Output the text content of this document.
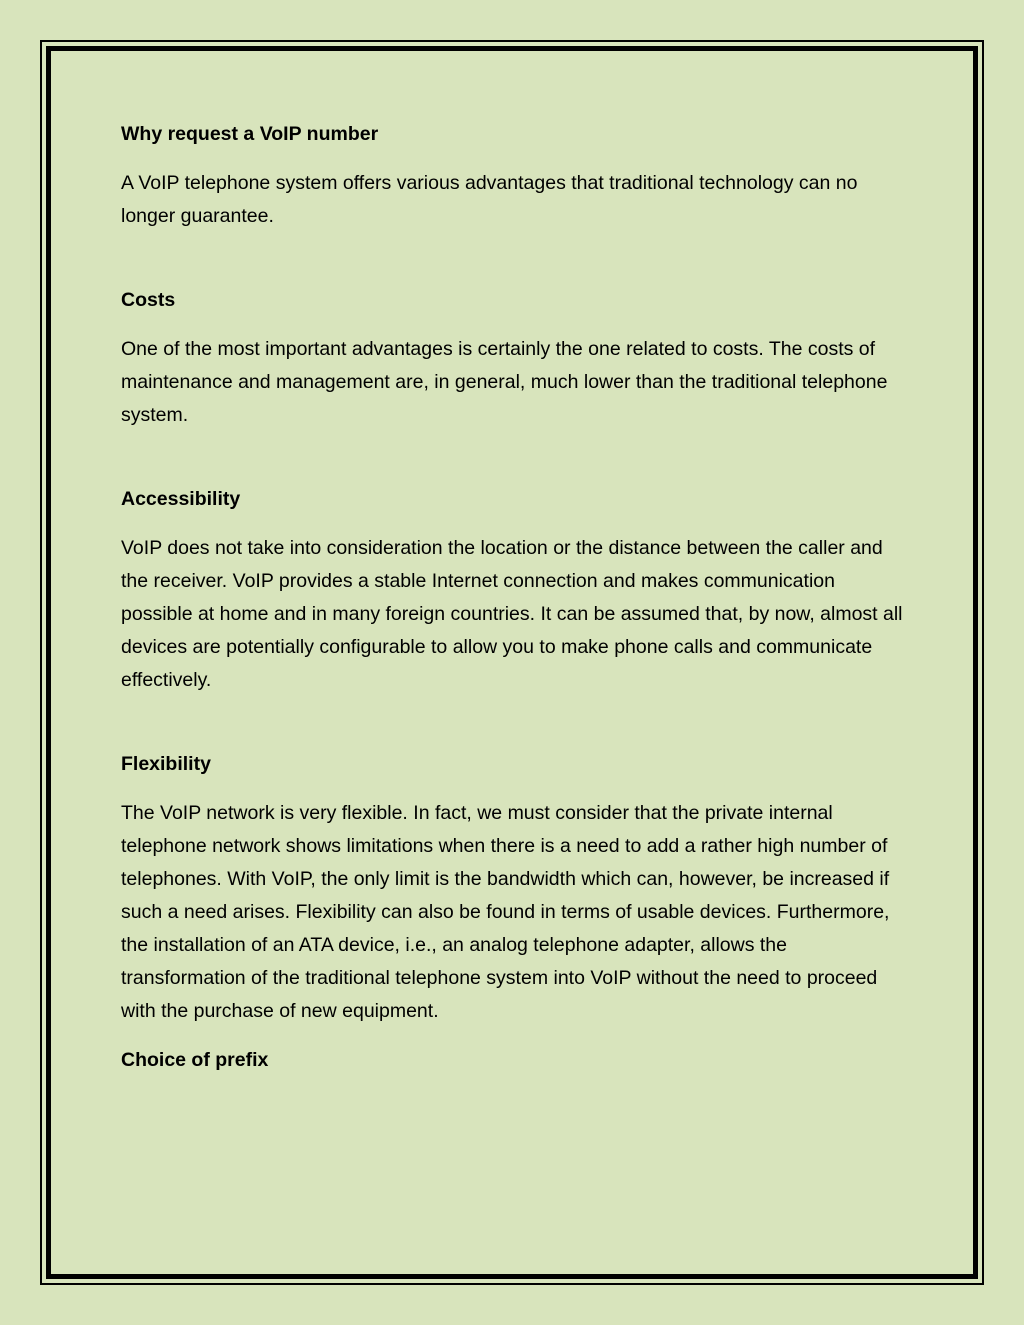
Why request a VoIP number

A VoIP telephone system offers various advantages that traditional technology can no longer guarantee.

Costs

One of the most important advantages is certainly the one related to costs. The costs of maintenance and management are, in general, much lower than the traditional telephone system.

Accessibility

VoIP does not take into consideration the location or the distance between the caller and the receiver. VoIP provides a stable Internet connection and makes communication possible at home and in many foreign countries. It can be assumed that, by now, almost all devices are potentially configurable to allow you to make phone calls and communicate effectively.

Flexibility

The VoIP network is very flexible. In fact, we must consider that the private internal telephone network shows limitations when there is a need to add a rather high number of telephones. With VoIP, the only limit is the bandwidth which can, however, be increased if such a need arises. Flexibility can also be found in terms of usable devices. Furthermore, the installation of an ATA device, i.e., an analog telephone adapter, allows the transformation of the traditional telephone system into VoIP without the need to proceed with the purchase of new equipment.

Choice of prefix
